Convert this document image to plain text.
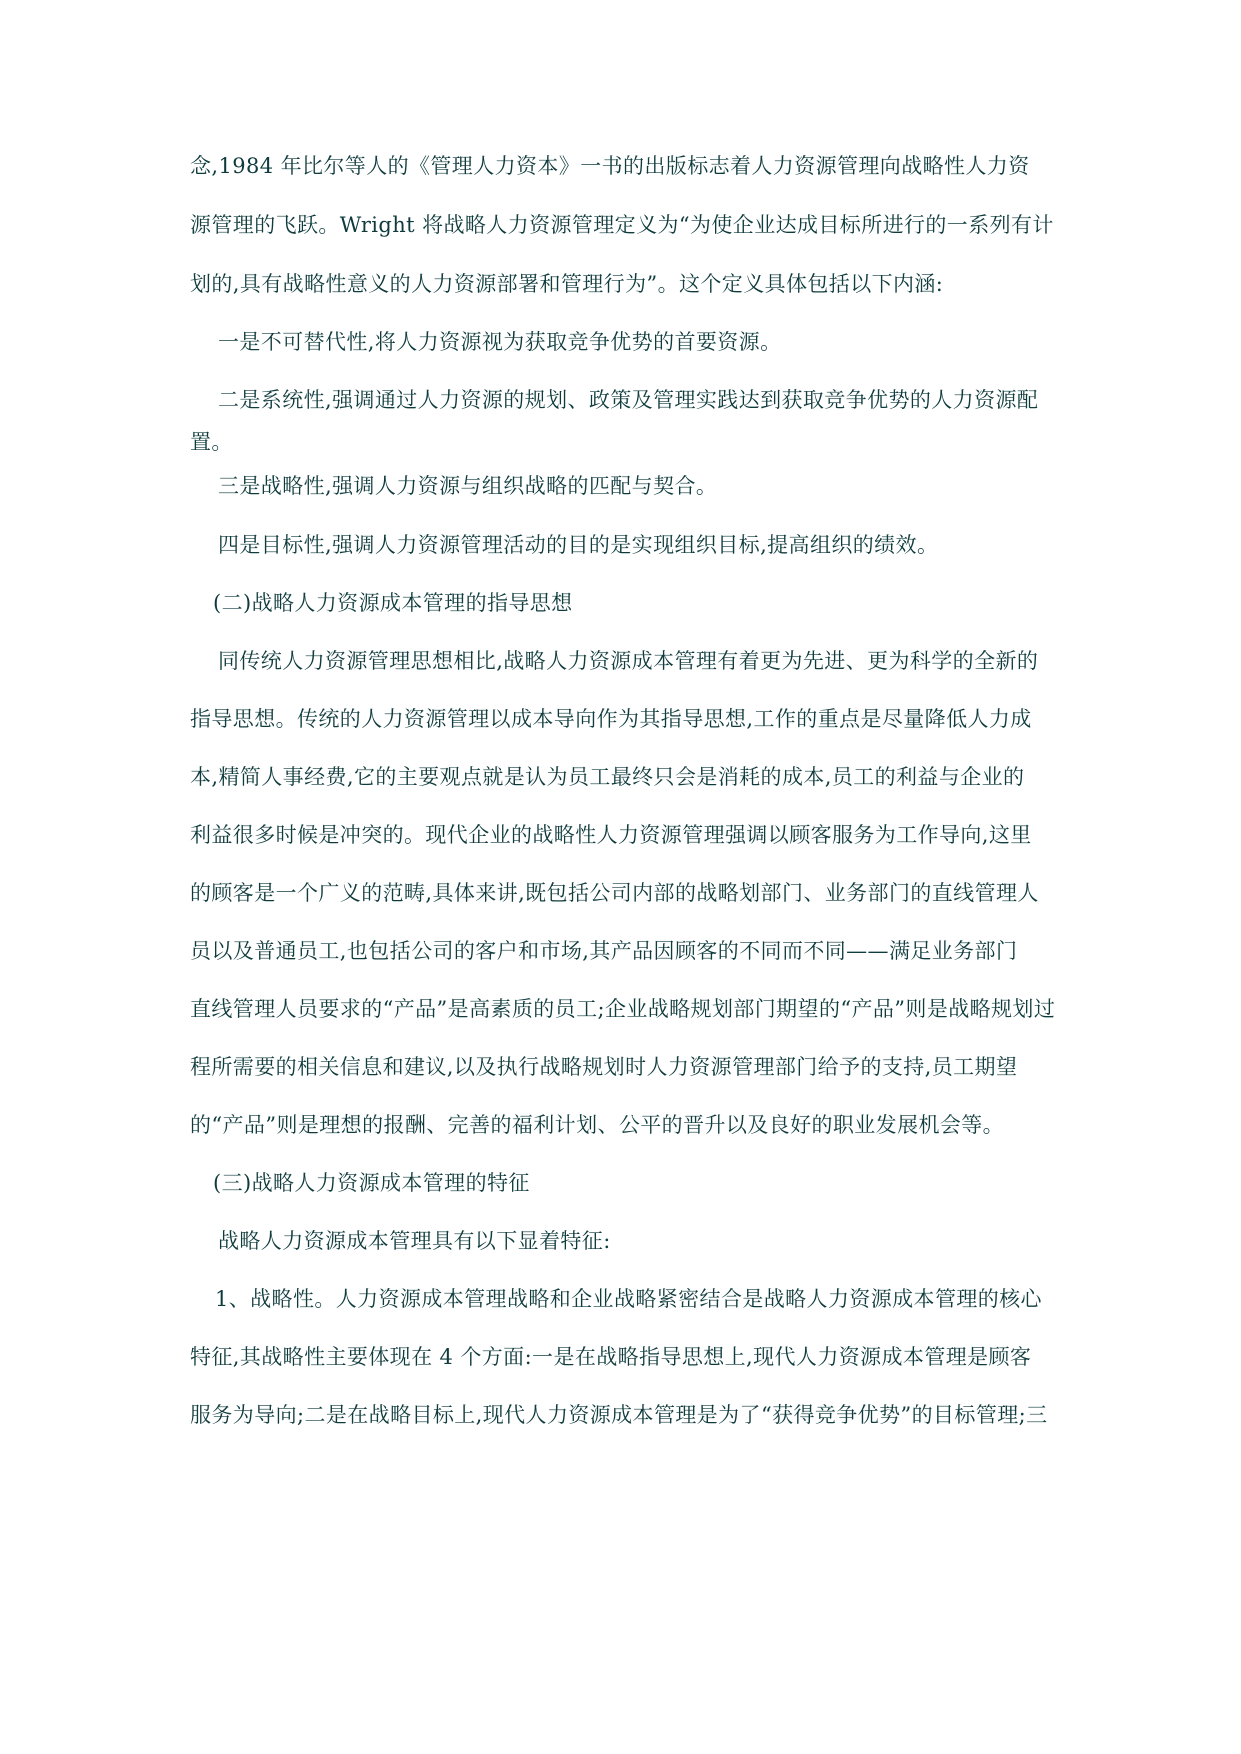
念,1984 年比尔等人的《管理人力资本》一书的出版标志着人力资源管理向战略性人力资
源管理的飞跃。Wright 将战略人力资源管理定义为“为使企业达成目标所进行的一系列有计
划的,具有战略性意义的人力资源部署和管理行为”。这个定义具体包括以下内涵:
一是不可替代性,将人力资源视为获取竞争优势的首要资源。
二是系统性,强调通过人力资源的规划、政策及管理实践达到获取竞争优势的人力资源配
置。
三是战略性,强调人力资源与组织战略的匹配与契合。
四是目标性,强调人力资源管理活动的目的是实现组织目标,提高组织的绩效。
(二)战略人力资源成本管理的指导思想
同传统人力资源管理思想相比,战略人力资源成本管理有着更为先进、更为科学的全新的
指导思想。传统的人力资源管理以成本导向作为其指导思想,工作的重点是尽量降低人力成
本,精简人事经费,它的主要观点就是认为员工最终只会是消耗的成本,员工的利益与企业的
利益很多时候是冲突的。现代企业的战略性人力资源管理强调以顾客服务为工作导向,这里
的顾客是一个广义的范畴,具体来讲,既包括公司内部的战略划部门、业务部门的直线管理人
员以及普通员工,也包括公司的客户和市场,其产品因顾客的不同而不同——满足业务部门
直线管理人员要求的“产品”是高素质的员工;企业战略规划部门期望的“产品”则是战略规划过
程所需要的相关信息和建议,以及执行战略规划时人力资源管理部门给予的支持,员工期望
的“产品”则是理想的报酬、完善的福利计划、公平的晋升以及良好的职业发展机会等。
(三)战略人力资源成本管理的特征
战略人力资源成本管理具有以下显着特征:
1、战略性。人力资源成本管理战略和企业战略紧密结合是战略人力资源成本管理的核心
特征,其战略性主要体现在 4 个方面:一是在战略指导思想上,现代人力资源成本管理是顾客
服务为导向;二是在战略目标上,现代人力资源成本管理是为了“获得竞争优势”的目标管理;三
